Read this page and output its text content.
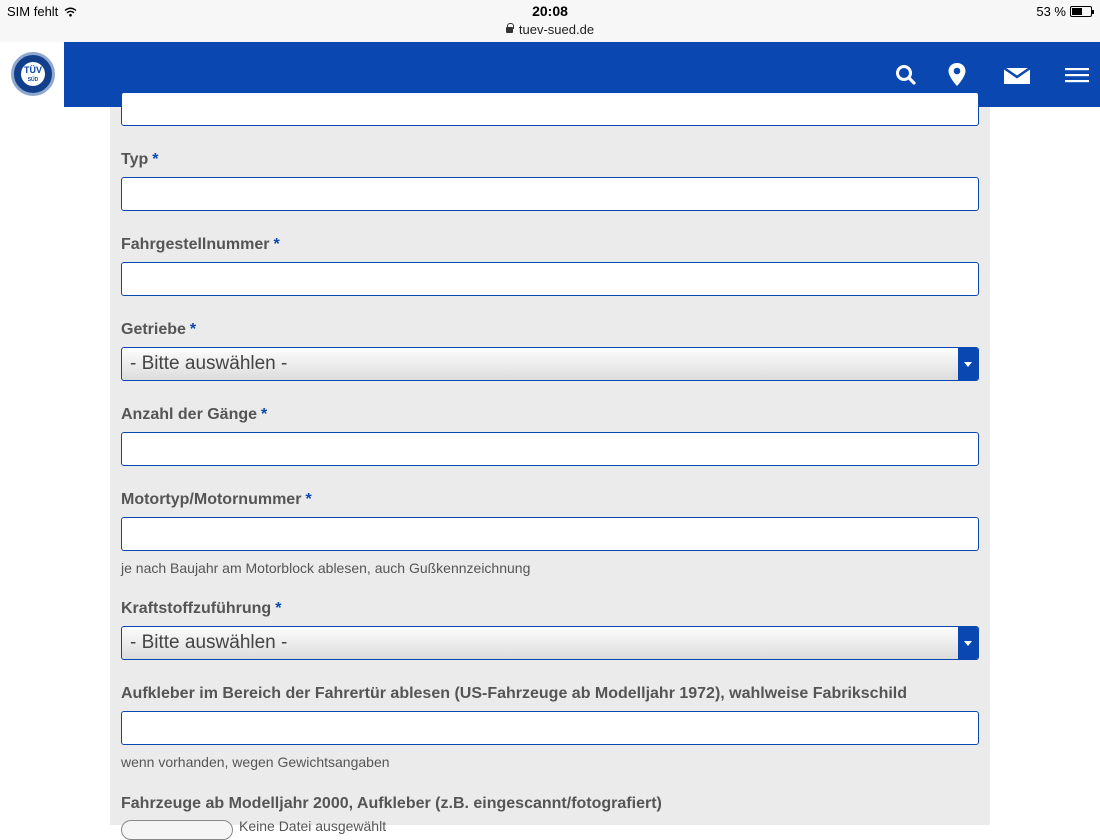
SIM fehlt	20:08
tuev-sued.de
53 %
TÜV
SÜD
Typ *
Fahrgestellnummer *
Getriebe *
- Bitte auswählen -
Anzahl der Gänge *
Motortyp/Motornummer *
je nach Baujahr am Motorblock ablesen, auch Gußkennzeichnung
Kraftstoffzuführung *
- Bitte auswählen -
Aufkleber im Bereich der Fahrertür ablesen (US-Fahrzeuge ab Modelljahr 1972), wahlweise Fabrikschild
wenn vorhanden, wegen Gewichtsangaben
Fahrzeuge ab Modelljahr 2000, Aufkleber (z.B. eingescannt/fotografiert)
Keine Datei ausgewählt
